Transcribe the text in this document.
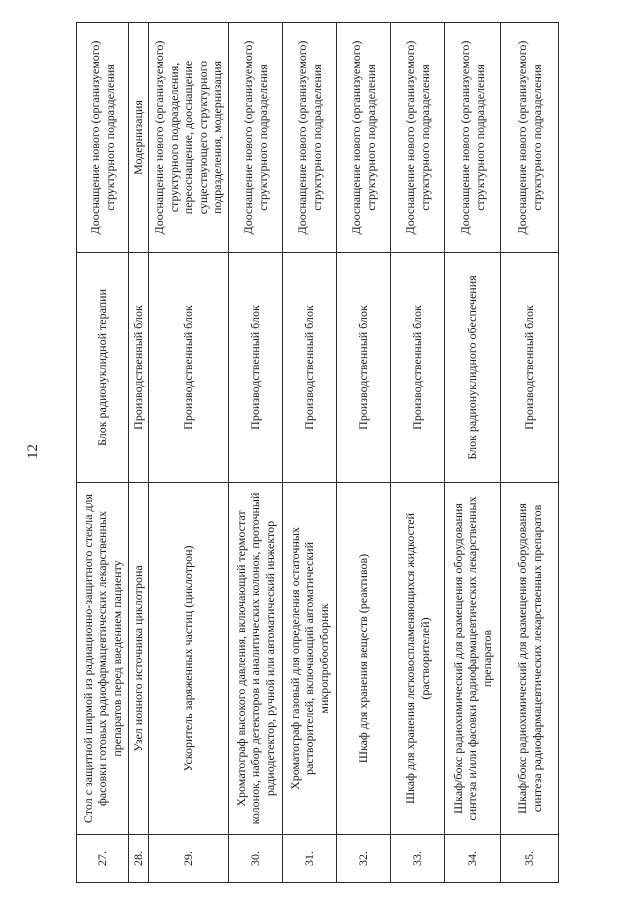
12
27.	Стол с защитной ширмой из радиационно-защитного стекла для фасовки готовых радиофармацевтических лекарственных препаратов перед введением пациенту	Блок радионуклидной терапии	Дооснащение нового (организуемого) структурного подразделения
28.	Узел ионного источника циклотрона	Производственный блок	Модернизация
29.	Ускоритель заряженных частиц (циклотрон)	Производственный блок	Дооснащение нового (организуемого) структурного подразделения, переоснащение, дооснащение существующего структурного подразделения, модернизация
30.	Хроматограф высокого давления, включающий термостат колонок, набор детекторов и аналитических колонок, проточный радиодетектор, ручной или автоматический инжектор	Производственный блок	Дооснащение нового (организуемого) структурного подразделения
31.	Хроматограф газовый для определения остаточных растворителей, включающий автоматический микропробоотборник	Производственный блок	Дооснащение нового (организуемого) структурного подразделения
32.	Шкаф для хранения веществ (реактивов)	Производственный блок	Дооснащение нового (организуемого) структурного подразделения
33.	Шкаф для хранения легковоспламеняющихся жидкостей (растворителей)	Производственный блок	Дооснащение нового (организуемого) структурного подразделения
34.	Шкаф/бокс радиохимический для размещения оборудования синтеза и/или фасовки радиофармацевтических лекарственных препаратов	Блок радионуклидного обеспечения	Дооснащение нового (организуемого) структурного подразделения
35.	Шкаф/бокс радиохимический для размещения оборудования синтеза радиофармацевтических лекарственных препаратов	Производственный блок	Дооснащение нового (организуемого) структурного подразделения
